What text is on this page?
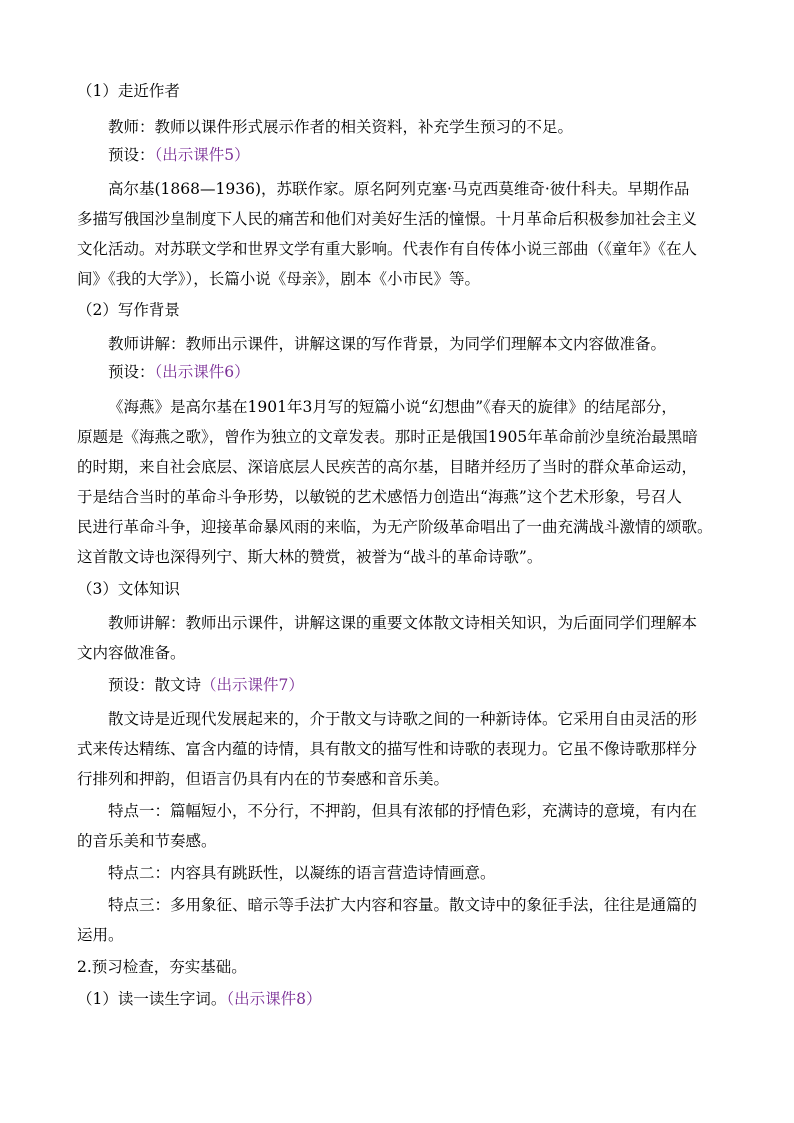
（1）走近作者
教师：教师以课件形式展示作者的相关资料，补充学生预习的不足。
预设：（出示课件5）
高尔基(1868—1936)，苏联作家。原名阿列克塞·马克西莫维奇·彼什科夫。早期作品
多描写俄国沙皇制度下人民的痛苦和他们对美好生活的憧憬。十月革命后积极参加社会主义
文化活动。对苏联文学和世界文学有重大影响。代表作有自传体小说三部曲（《童年》《在人
间》《我的大学》），长篇小说《母亲》，剧本《小市民》等。
（2）写作背景
教师讲解：教师出示课件，讲解这课的写作背景，为同学们理解本文内容做准备。
预设：（出示课件6）
《海燕》是高尔基在1901年3月写的短篇小说“幻想曲”《春天的旋律》的结尾部分，
原题是《海燕之歌》，曾作为独立的文章发表。那时正是俄国1905年革命前沙皇统治最黑暗
的时期，来自社会底层、深谙底层人民疾苦的高尔基，目睹并经历了当时的群众革命运动，
于是结合当时的革命斗争形势，以敏锐的艺术感悟力创造出“海燕”这个艺术形象，号召人
民进行革命斗争，迎接革命暴风雨的来临，为无产阶级革命唱出了一曲充满战斗激情的颂歌。
这首散文诗也深得列宁、斯大林的赞赏，被誉为“战斗的革命诗歌”。
（3）文体知识
教师讲解：教师出示课件，讲解这课的重要文体散文诗相关知识，为后面同学们理解本
文内容做准备。
预设：散文诗（出示课件7）
散文诗是近现代发展起来的，介于散文与诗歌之间的一种新诗体。它采用自由灵活的形
式来传达精练、富含内蕴的诗情，具有散文的描写性和诗歌的表现力。它虽不像诗歌那样分
行排列和押韵，但语言仍具有内在的节奏感和音乐美。
特点一：篇幅短小，不分行，不押韵，但具有浓郁的抒情色彩，充满诗的意境，有内在
的音乐美和节奏感。
特点二：内容具有跳跃性，以凝练的语言营造诗情画意。
特点三：多用象征、暗示等手法扩大内容和容量。散文诗中的象征手法，往往是通篇的
运用。
2.预习检查，夯实基础。
（1）读一读生字词。（出示课件8）
